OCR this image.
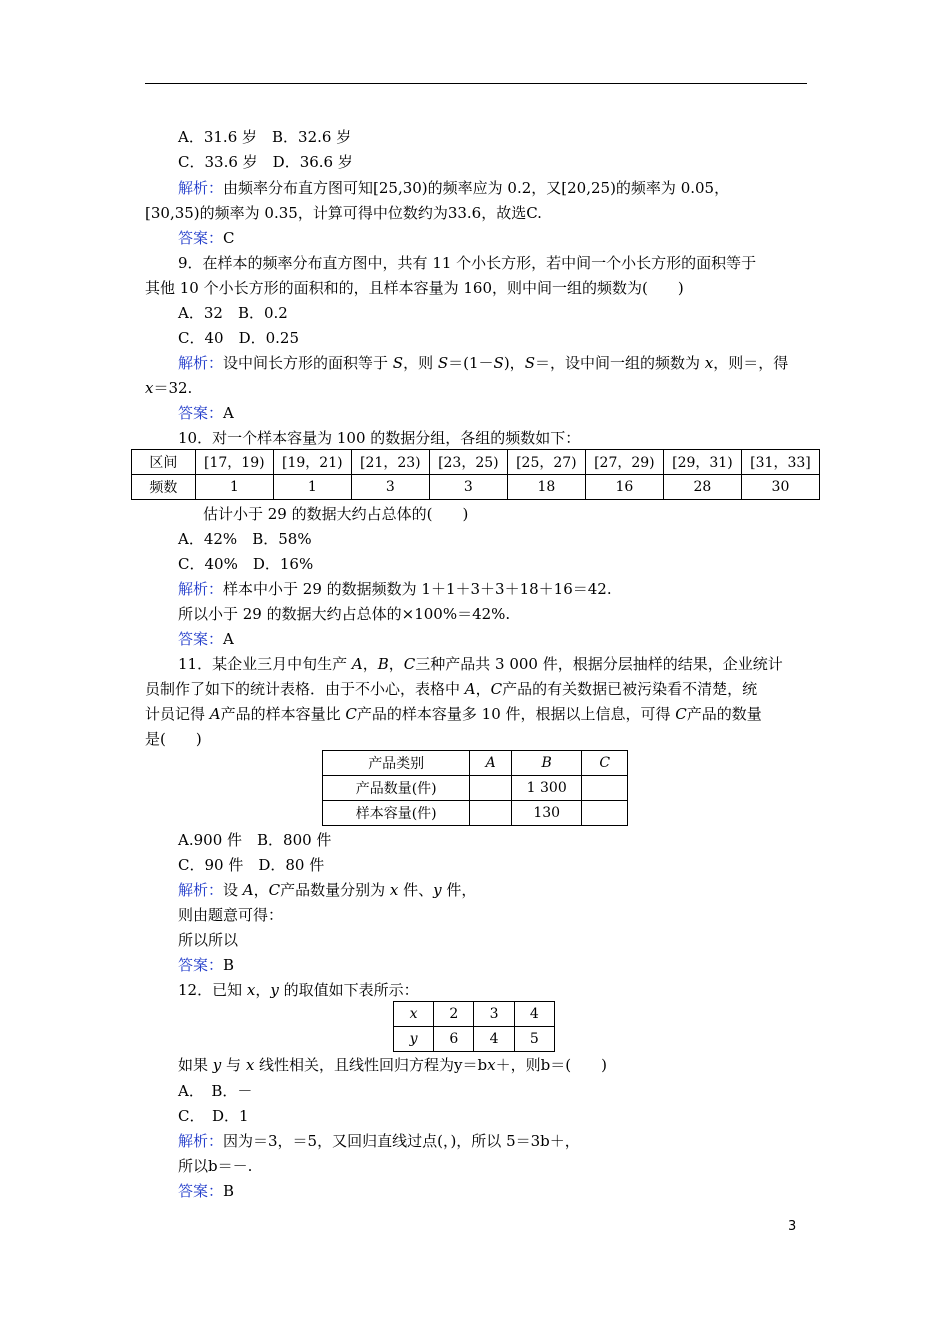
A．31.6 岁　 B．32.6 岁
C．33.6 岁　 D．36.6 岁
解析：由频率分布直方图可知[25,30)的频率应为 0.2，又[20,25)的频率为 0.05，
[30,35)的频率为 0.35，计算可得中位数约为33.6，故选C.
答案：C
9．在样本的频率分布直方图中，共有 11 个小长方形，若中间一个小长方形的面积等于
其他 10 个小长方形的面积和的，且样本容量为 160，则中间一组的频数为(　　)
A．32　 B．0.2
C．40　 D．0.25
解析：设中间长方形的面积等于 S，则 S＝(1－S)，S＝，设中间一组的频数为 x，则＝，得
x＝32.
答案：A
10．对一个样本容量为 100 的数据分组，各组的频数如下：
区间	[17，19)	[19，21)	[21，23)	[23，25)	[25，27)	[27，29)	[29，31)	[31，33]
频数	1	1	3	3	18	16	28	30
估计小于 29 的数据大约占总体的(　　)
A．42%　 B．58%
C．40%　 D．16%
解析：样本中小于 29 的数据频数为 1＋1＋3＋3＋18＋16＝42.
所以小于 29 的数据大约占总体的×100%＝42%.
答案：A
11．某企业三月中旬生产 A，B，C三种产品共 3 000 件，根据分层抽样的结果，企业统计
员制作了如下的统计表格．由于不小心，表格中 A，C产品的有关数据已被污染看不清楚，统
计员记得 A产品的样本容量比 C产品的样本容量多 10 件，根据以上信息，可得 C产品的数量
是(　　)
产品类别	A	B	C
产品数量(件)		1 300	
样本容量(件)		130	
A.900 件　 B．800 件
C．90 件　 D．80 件
解析：设 A，C产品数量分别为 x 件、y 件，
则由题意可得：
所以所以
答案：B
12．已知 x，y 的取值如下表所示：
x	2	3	4
y	6	4	5
如果 y 与 x 线性相关，且线性回归方程为y＝bx＋，则b＝(　　)
A．　 B．－
C．　 D．1
解析：因为＝3，＝5，又回归直线过点(，)，所以 5＝3b＋，
所以b＝－.
答案：B
3
